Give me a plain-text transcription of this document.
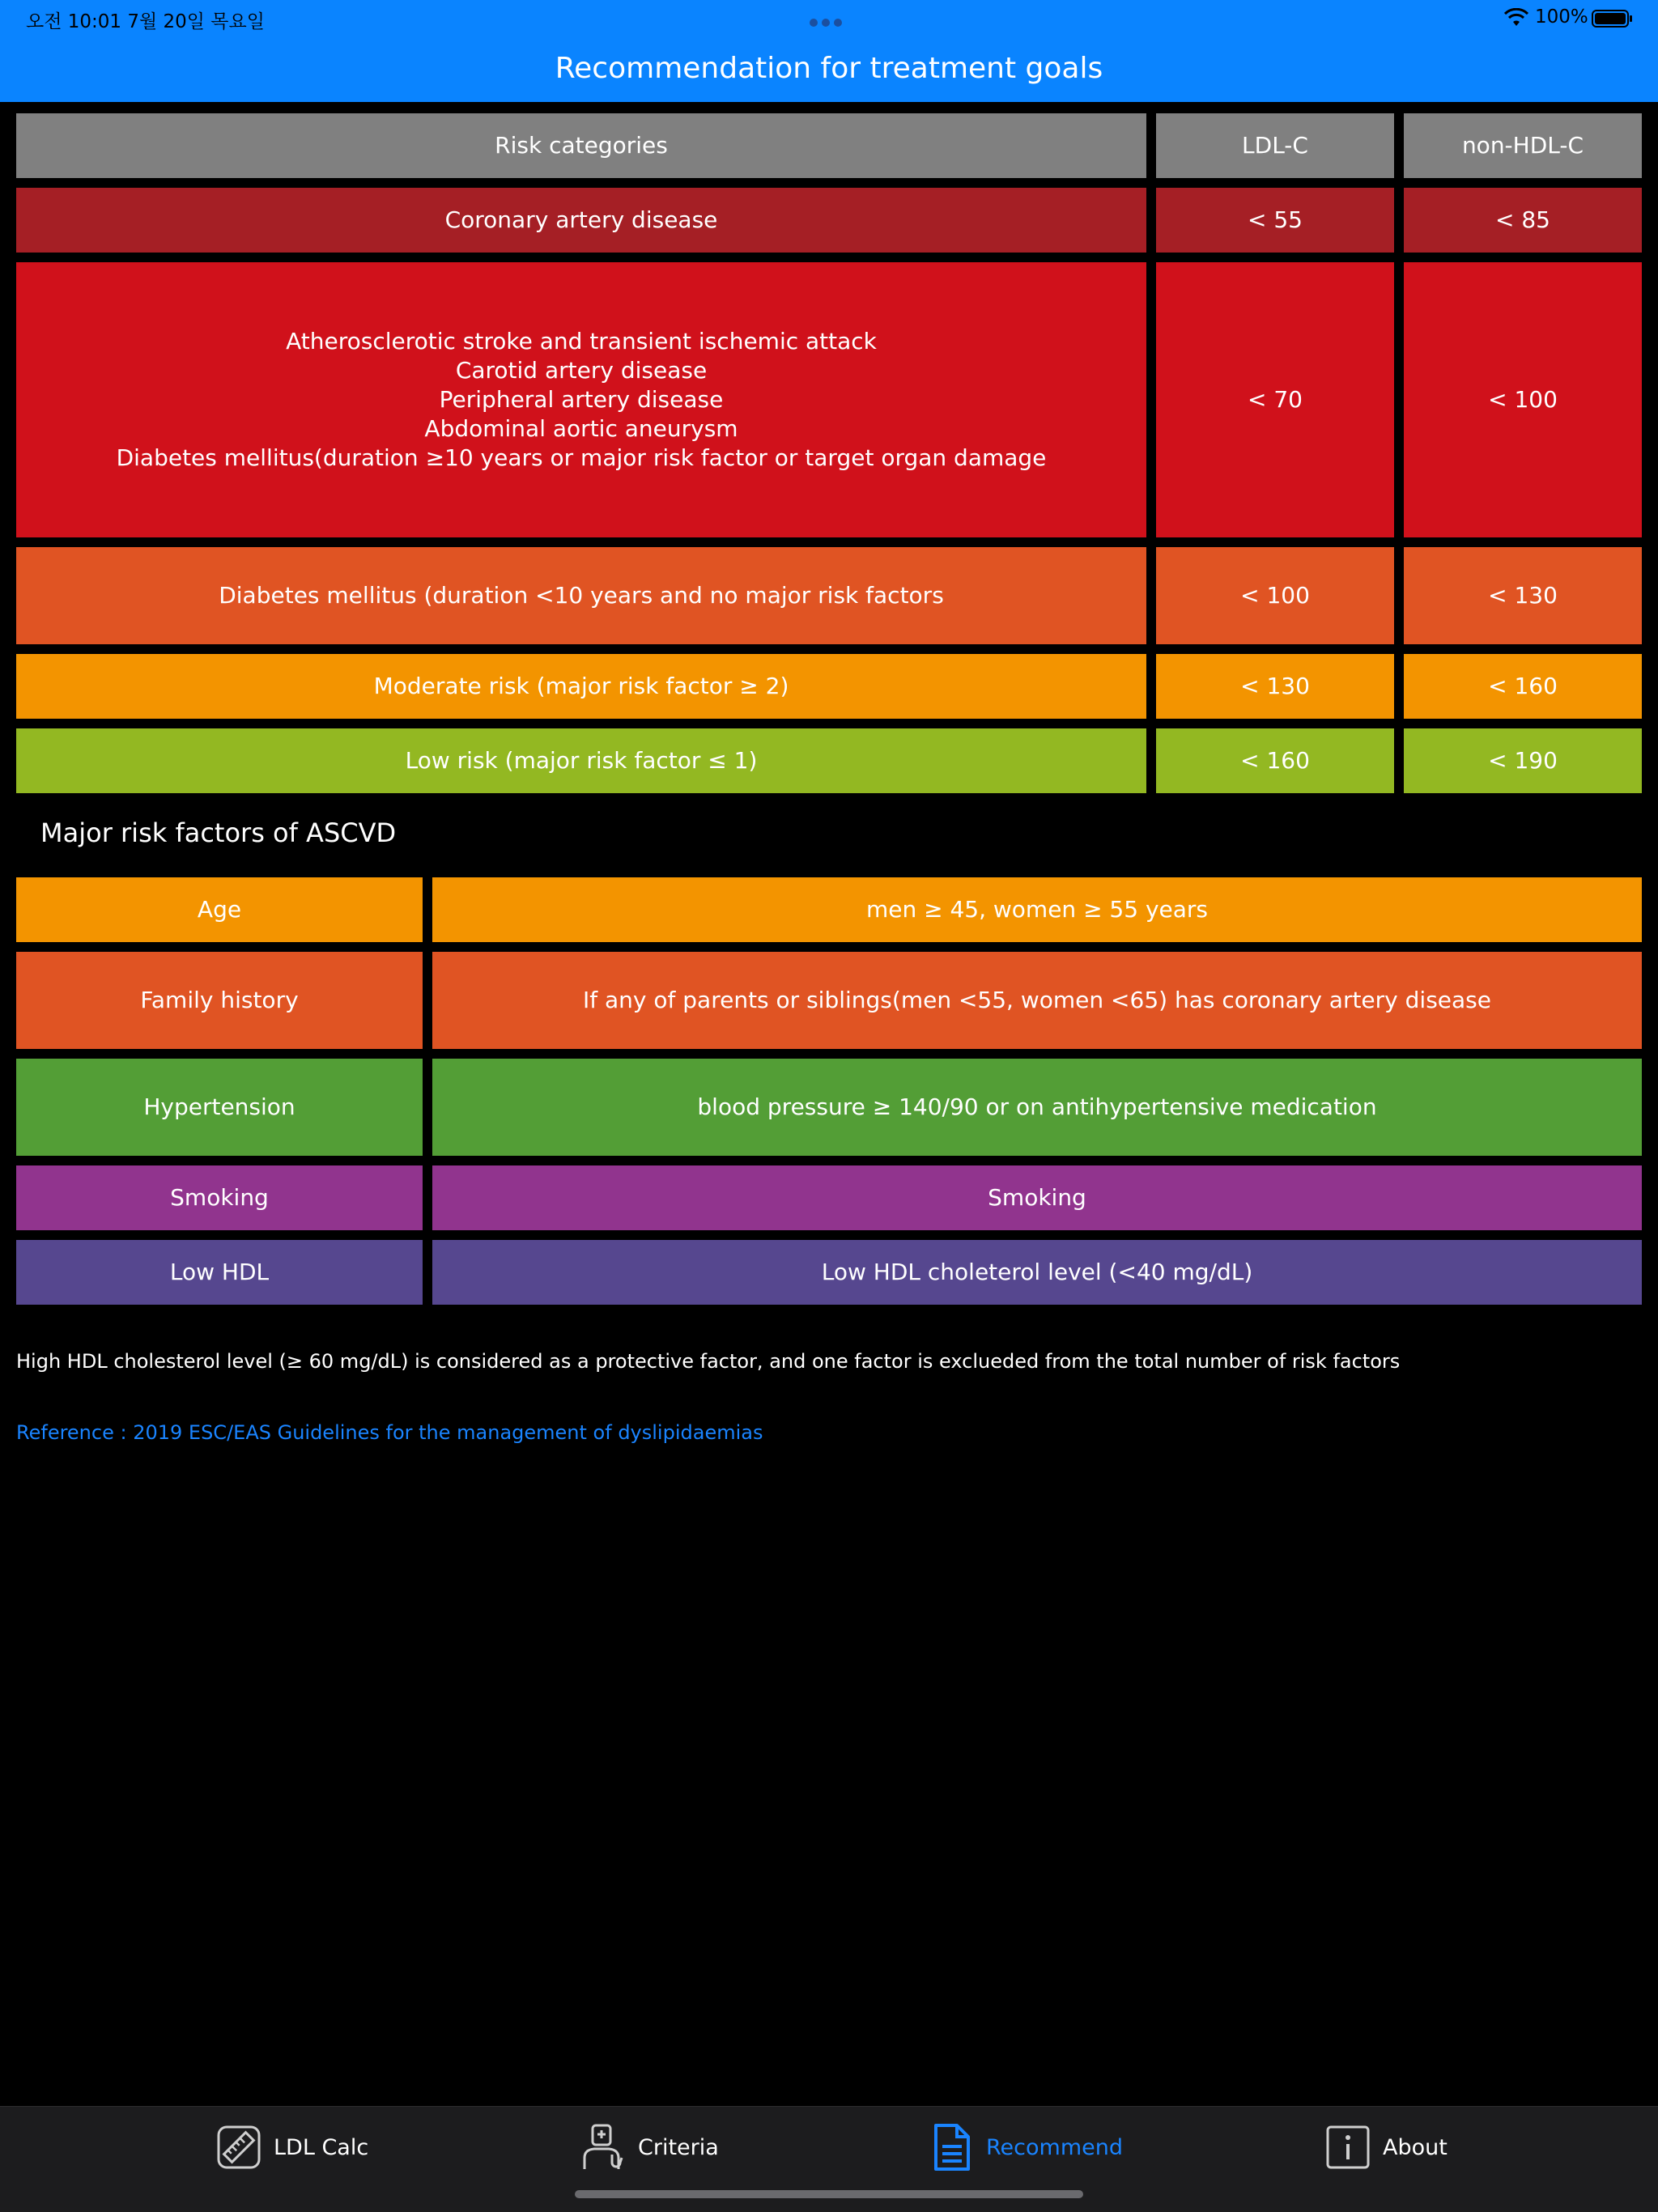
오전 10:01 7월 20일 목요일	100%
Recommendation for treatment goals
Risk categories	LDL-C	non-HDL-C
Coronary artery disease	< 55	< 85
Atherosclerotic stroke and transient ischemic attack
Carotid artery disease
Peripheral artery disease
Abdominal aortic aneurysm
Diabetes mellitus(duration ≥10 years or major risk factor or target organ damage
< 70	< 100
Diabetes mellitus (duration <10 years and no major risk factors	< 100	< 130
Moderate risk (major risk factor ≥ 2)	< 130	< 160
Low risk (major risk factor ≤ 1)	< 160	< 190
Major risk factors of ASCVD
Age	men ≥ 45, women ≥ 55 years
Family history	If any of parents or siblings(men <55, women <65) has coronary artery disease
Hypertension	blood pressure ≥ 140/90 or on antihypertensive medication
Smoking	Smoking
Low HDL	Low HDL choleterol level (<40 mg/dL)
High HDL cholesterol level (≥ 60 mg/dL) is considered as a protective factor, and one factor is exclueded from the total number of risk factors
Reference : 2019 ESC/EAS Guidelines for the management of dyslipidaemias
LDL Calc	Criteria	Recommend	About
